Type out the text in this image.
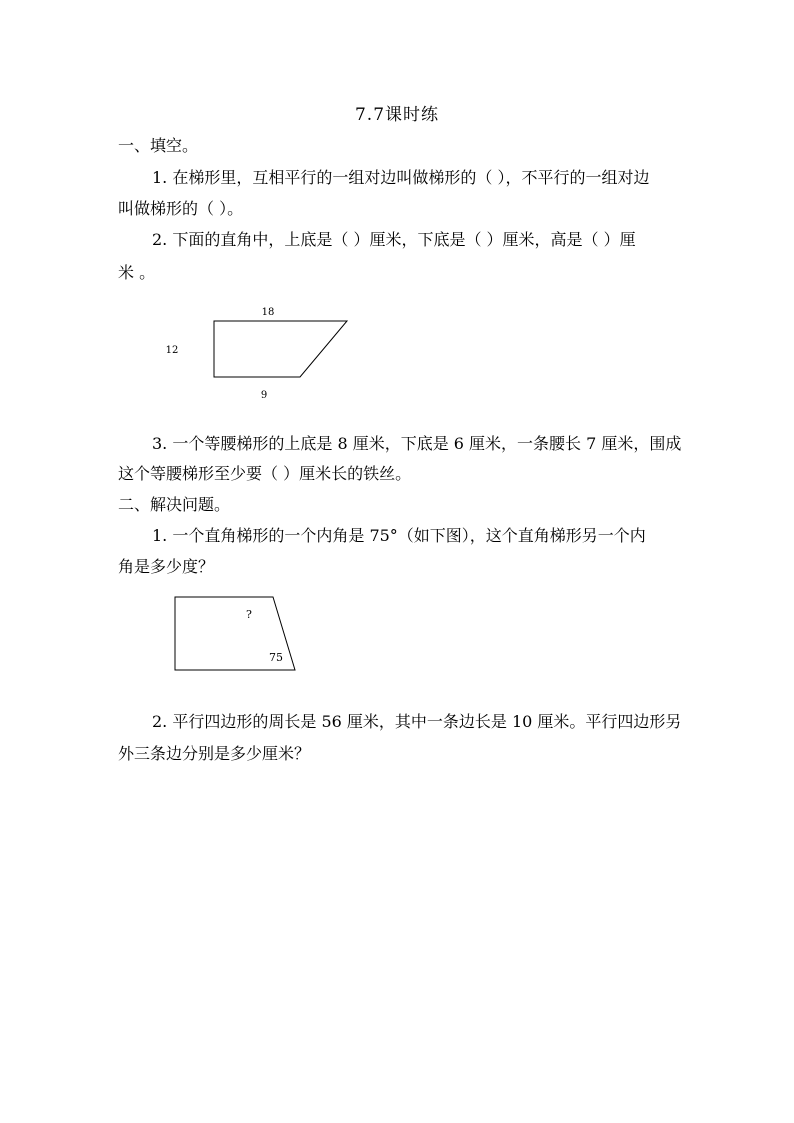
7.7课时练
一、填空。
1. 在梯形里，互相平行的一组对边叫做梯形的（ ），不平行的一组对边
叫做梯形的（ ）。
2. 下面的直角中，上底是（ ）厘米，下底是（ ）厘米，高是（ ）厘
米 。
18
12
9
3. 一个等腰梯形的上底是 8 厘米，下底是 6 厘米，一条腰长 7 厘米，围成
这个等腰梯形至少要（ ）厘米长的铁丝。
二、解决问题。
1. 一个直角梯形的一个内角是 75°（如下图），这个直角梯形另一个内
角是多少度？
?
75
2. 平行四边形的周长是 56 厘米，其中一条边长是 10 厘米。平行四边形另
外三条边分别是多少厘米？
